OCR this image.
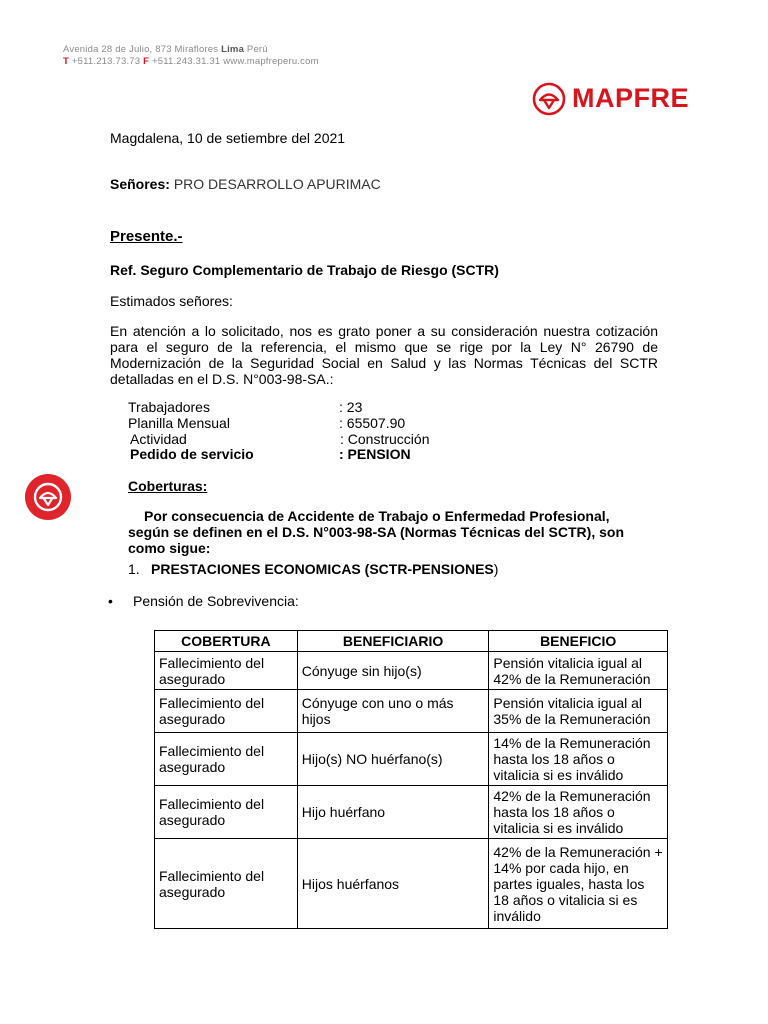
Avenida 28 de Julio, 873 Miraflores Lima Perú
T +511.213.73.73 F +511.243.31.31 www.mapfreperu.com
MAPFRE
Magdalena, 10 de setiembre del 2021
Señores: PRO DESARROLLO APURIMAC
Presente.-
Ref. Seguro Complementario de Trabajo de Riesgo (SCTR)
Estimados señores:
En atención a lo solicitado, nos es grato poner a su consideración nuestra cotización para el seguro de la referencia, el mismo que se rige por la Ley N° 26790 de Modernización de la Seguridad Social en Salud y las Normas Técnicas del SCTR detalladas en el D.S. N°003-98-SA.:
Trabajadores	: 23
Planilla Mensual	: 65507.90
Actividad	: Construcción
Pedido de servicio	: PENSION
Coberturas:
Por consecuencia de Accidente de Trabajo o Enfermedad Profesional,
según se definen en el D.S. N°003-98-SA (Normas Técnicas del SCTR), son
como sigue:
1. PRESTACIONES ECONOMICAS (SCTR-PENSIONES)
• Pensión de Sobrevivencia:
COBERTURA	BENEFICIARIO	BENEFICIO
Fallecimiento del asegurado	Cónyuge sin hijo(s)	Pensión vitalicia igual al 42% de la Remuneración
Fallecimiento del asegurado	Cónyuge con uno o más hijos	Pensión vitalicia igual al 35% de la Remuneración
Fallecimiento del asegurado	Hijo(s) NO huérfano(s)	14% de la Remuneración hasta los 18 años o vitalicia si es inválido
Fallecimiento del asegurado	Hijo huérfano	42% de la Remuneración hasta los 18 años o vitalicia si es inválido
Fallecimiento del asegurado	Hijos huérfanos	42% de la Remuneración + 14% por cada hijo, en partes iguales, hasta los 18 años o vitalicia si es inválido
